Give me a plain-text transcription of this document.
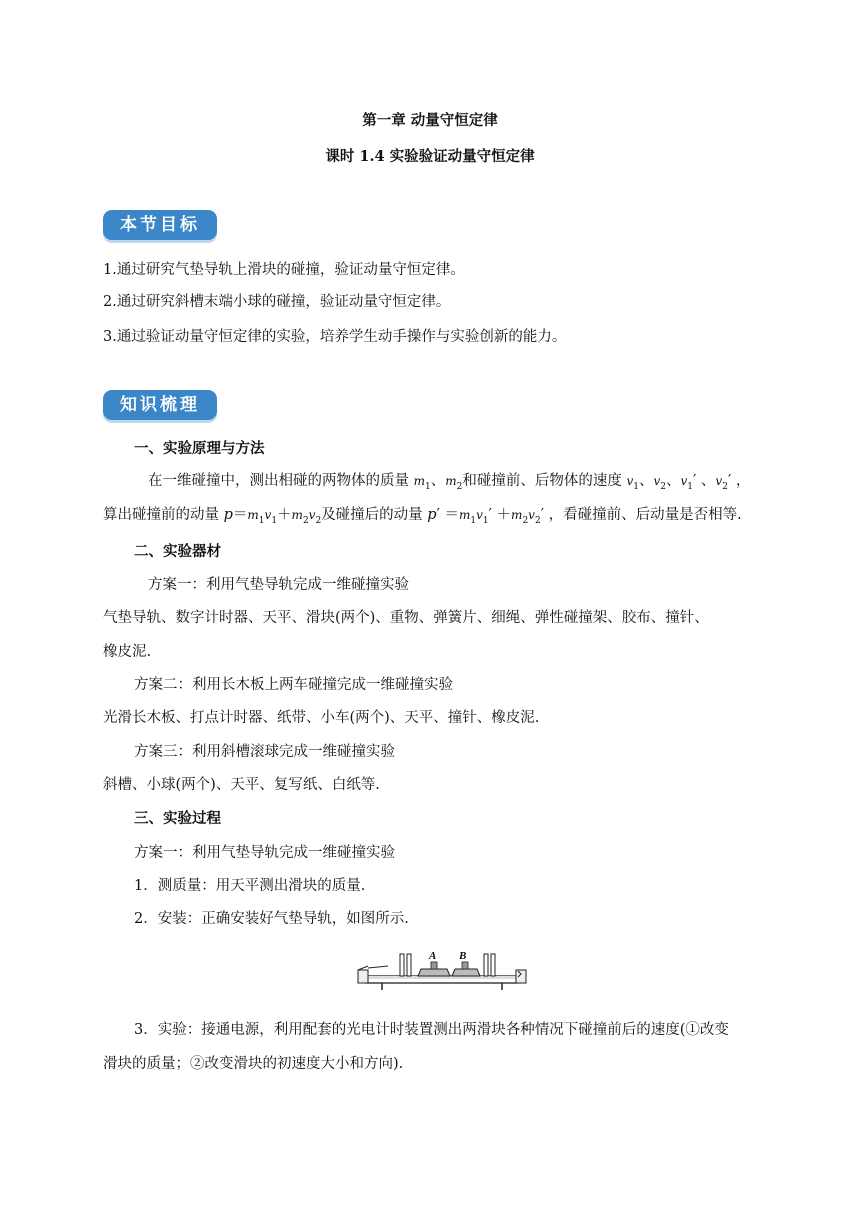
第一章 动量守恒定律
课时 1.4 实验验证动量守恒定律
本节目标
1.通过研究气垫导轨上滑块的碰撞，验证动量守恒定律。
2.通过研究斜槽末端小球的碰撞，验证动量守恒定律。
3.通过验证动量守恒定律的实验，培养学生动手操作与实验创新的能力。
知识梳理
一、实验原理与方法
在一维碰撞中，测出相碰的两物体的质量 $m_1$、$m_2$和碰撞前、后物体的速度 $v_1$、$v_2$、$v_1'$ 、$v_2'$ ，
算出碰撞前的动量 $p=m_1v_1+m_2v_2$及碰撞后的动量 $p' =m_1v_1' +m_2v_2'$ ，看碰撞前、后动量是否相等.
二、实验器材
方案一：利用气垫导轨完成一维碰撞实验
气垫导轨、数字计时器、天平、滑块(两个)、重物、弹簧片、细绳、弹性碰撞架、胶布、撞针、
橡皮泥.
方案二：利用长木板上两车碰撞完成一维碰撞实验
光滑长木板、打点计时器、纸带、小车(两个)、天平、撞针、橡皮泥.
方案三：利用斜槽滚球完成一维碰撞实验
斜槽、小球(两个)、天平、复写纸、白纸等.
三、实验过程
方案一：利用气垫导轨完成一维碰撞实验
1．测质量：用天平测出滑块的质量.
2．安装：正确安装好气垫导轨，如图所示.
A B
3．实验：接通电源，利用配套的光电计时装置测出两滑块各种情况下碰撞前后的速度(①改变
滑块的质量；②改变滑块的初速度大小和方向).
